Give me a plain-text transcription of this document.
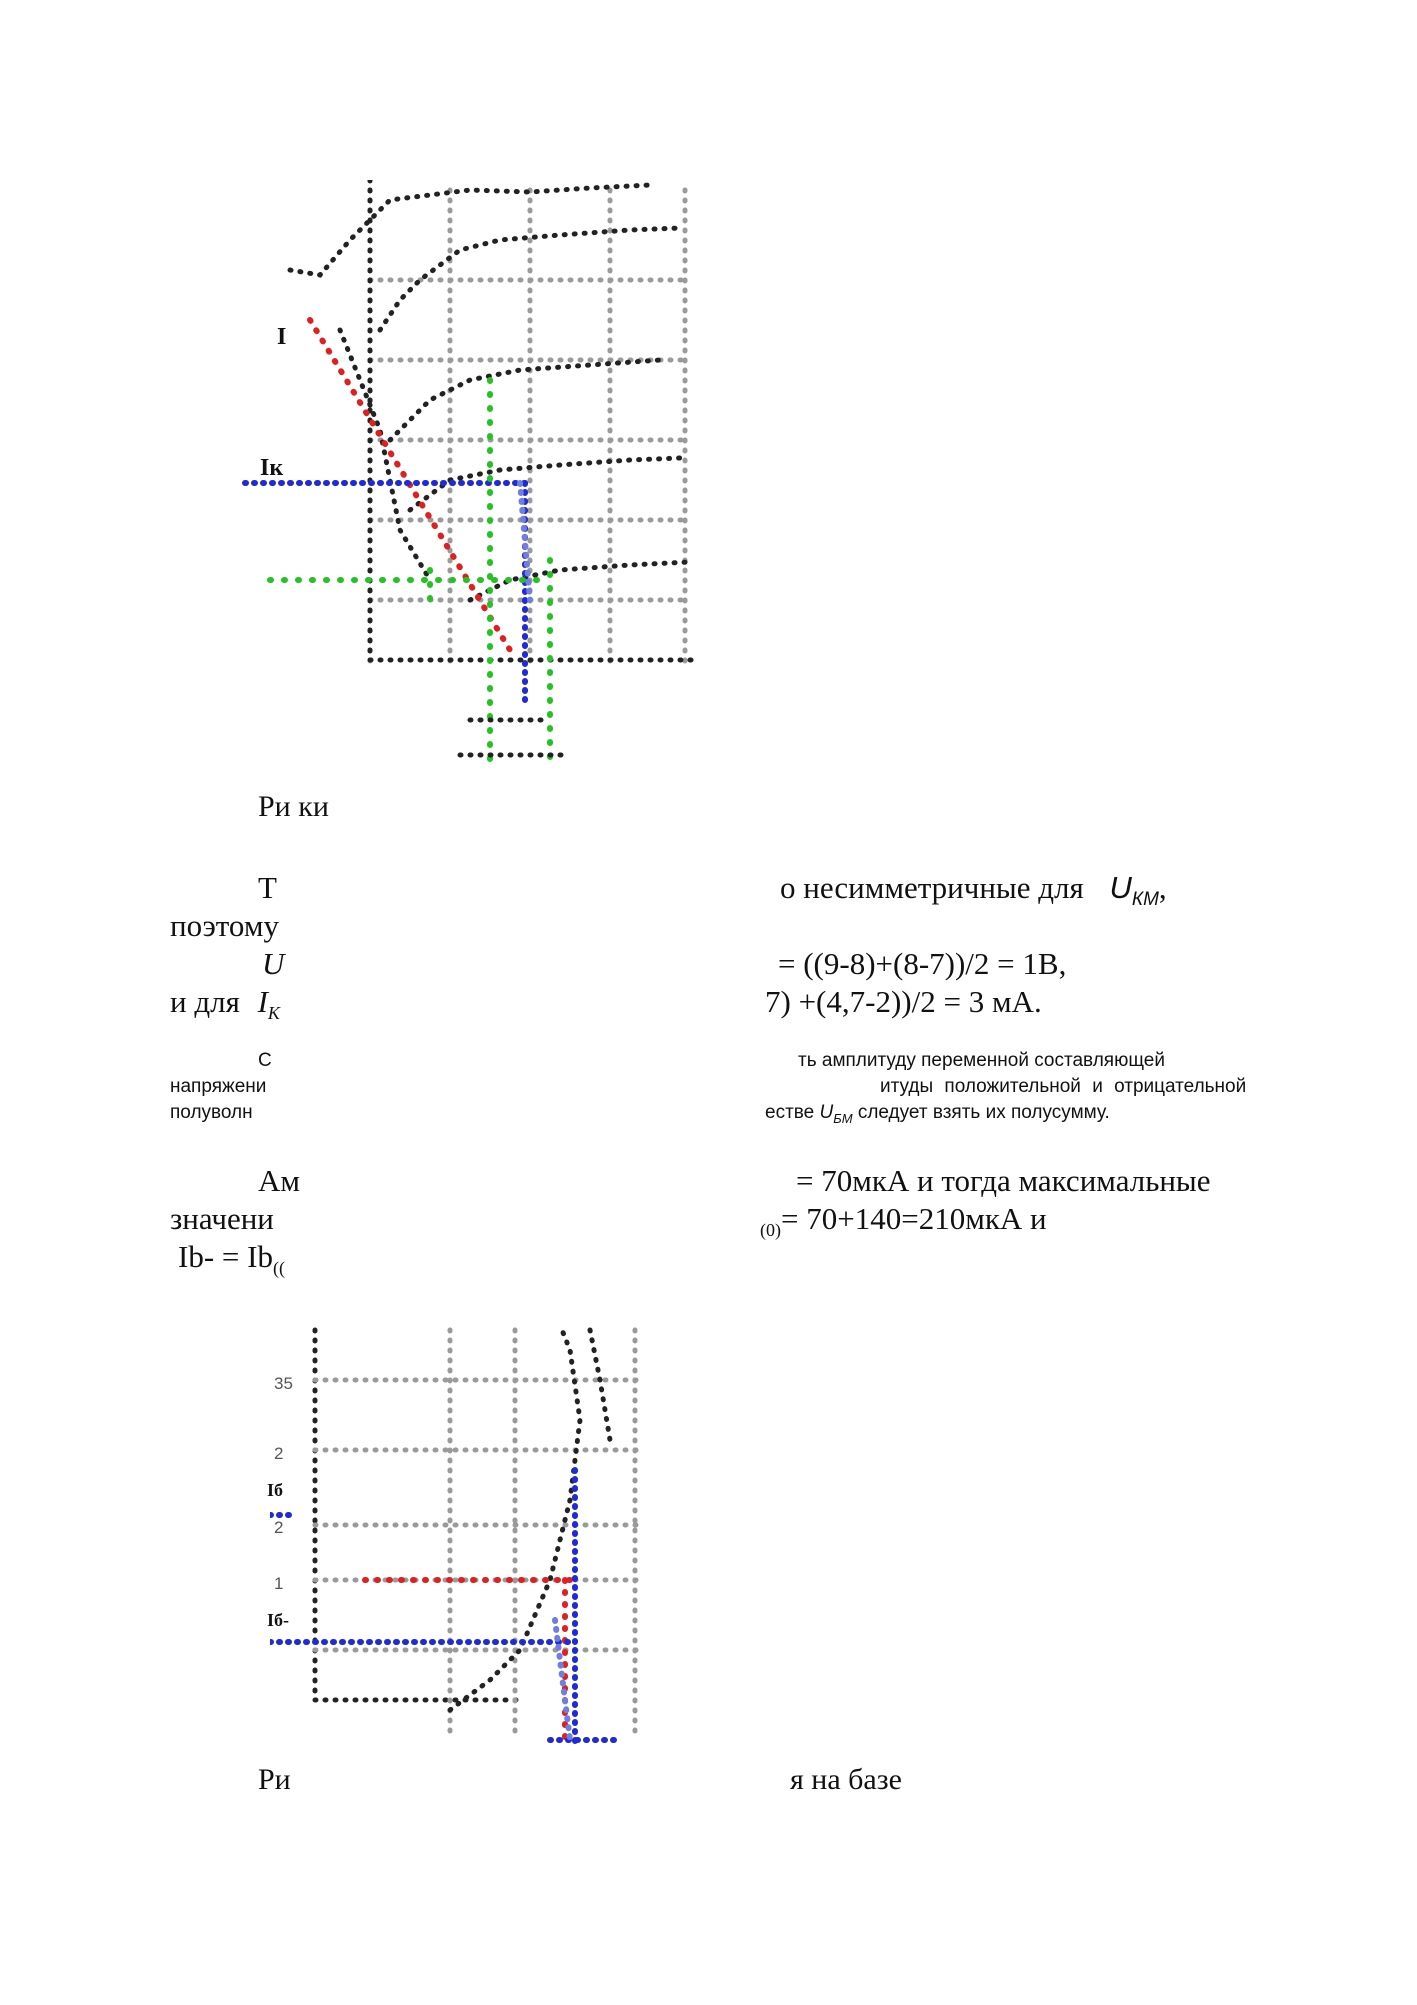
I
Iк
Ри ки
Т	о несимметричные для $U_{КМ}$,
поэтому
U	= ((9-8)+(8-7))/2 = 1В,
и для $I_К$	7) +(4,7-2))/2 = 3 мА.
С	ть амплитуду переменной составляющей
напряжени	итуды положительной и отрицательной
полуволн	естве $U_{БМ}$ следует взять их полусумму.
Ам	= 70мкА и тогда максимальные
значени	$_{(0)}$= 70+140=210мкА и
$Ib- = Ib_{((}$
35
2
Iб
2
1
Iб-
Ри	я на базе
